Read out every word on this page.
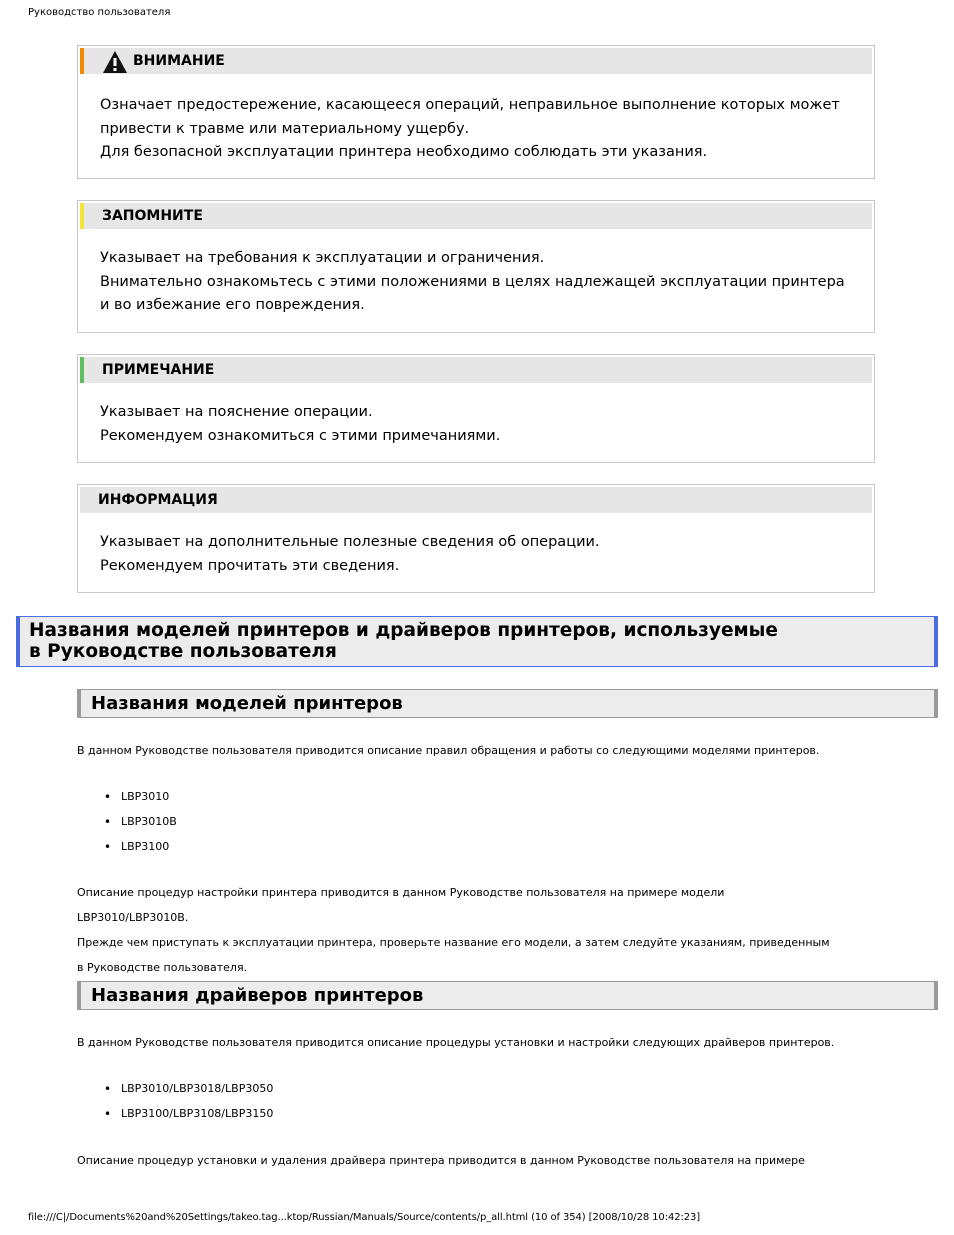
Руководство пользователя
ВНИМАНИЕ
Означает предостережение, касающееся операций, неправильное выполнение которых может привести к травме или материальному ущербу.
Для безопасной эксплуатации принтера необходимо соблюдать эти указания.
ЗАПОМНИТЕ
Указывает на требования к эксплуатации и ограничения.
Внимательно ознакомьтесь с этими положениями в целях надлежащей эксплуатации принтера и во избежание его повреждения.
ПРИМЕЧАНИЕ
Указывает на пояснение операции.
Рекомендуем ознакомиться с этими примечаниями.
ИНФОРМАЦИЯ
Указывает на дополнительные полезные сведения об операции.
Рекомендуем прочитать эти сведения.
Названия моделей принтеров и драйверов принтеров, используемые
в Руководстве пользователя
Названия моделей принтеров
В данном Руководстве пользователя приводится описание правил обращения и работы со следующими моделями принтеров.
• LBP3010
• LBP3010B
• LBP3100
Описание процедур настройки принтера приводится в данном Руководстве пользователя на примере модели LBP3010/LBP3010B.
Прежде чем приступать к эксплуатации принтера, проверьте название его модели, а затем следуйте указаниям, приведенным в Руководстве пользователя.
Названия драйверов принтеров
В данном Руководстве пользователя приводится описание процедуры установки и настройки следующих драйверов принтеров.
• LBP3010/LBP3018/LBP3050
• LBP3100/LBP3108/LBP3150
Описание процедур установки и удаления драйвера принтера приводится в данном Руководстве пользователя на примере
file:///C|/Documents%20and%20Settings/takeo.tag...ktop/Russian/Manuals/Source/contents/p_all.html (10 of 354) [2008/10/28 10:42:23]
